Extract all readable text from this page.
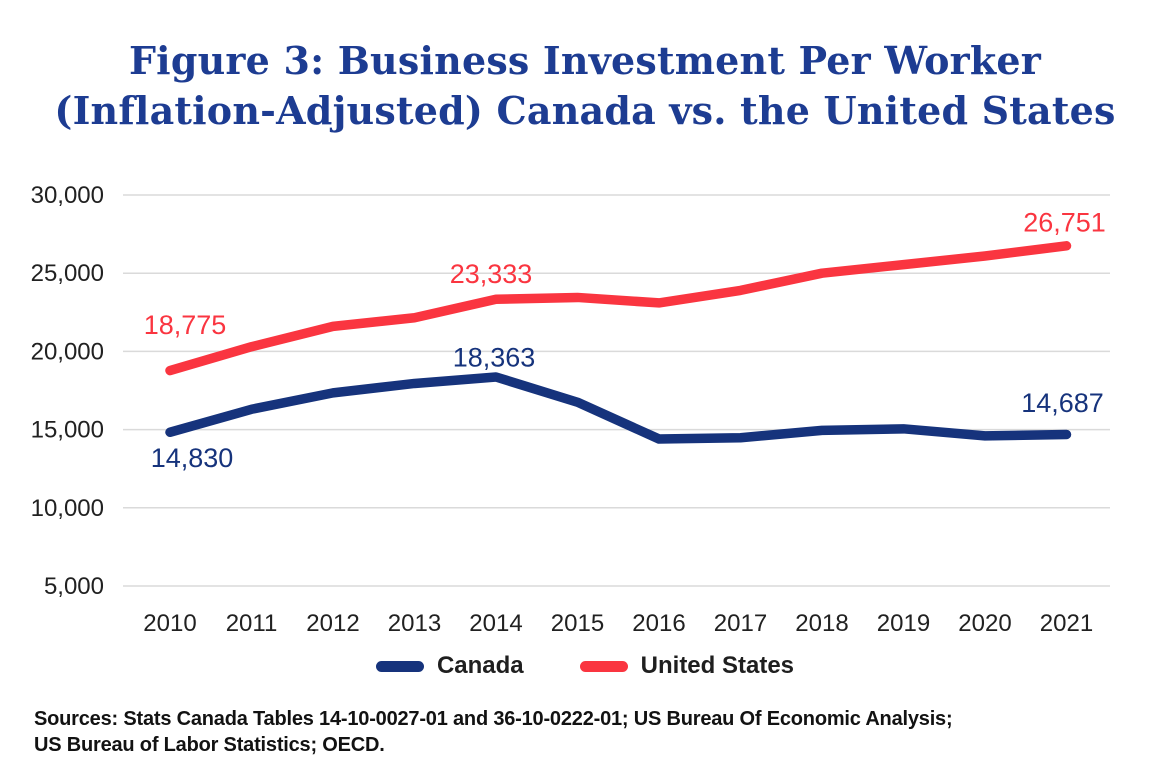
Figure 3: Business Investment Per Worker
(Inflation-Adjusted) Canada vs. the United States
30,000
25,000
20,000
15,000
10,000
5,000
2010 2011 2012 2013 2014 2015 2016 2017 2018 2019 2020 2021
18,775
23,333
26,751
14,830
18,363
14,687
Canada	United States
Sources: Stats Canada Tables 14-10-0027-01 and 36-10-0222-01; US Bureau Of Economic Analysis;
US Bureau of Labor Statistics; OECD.
